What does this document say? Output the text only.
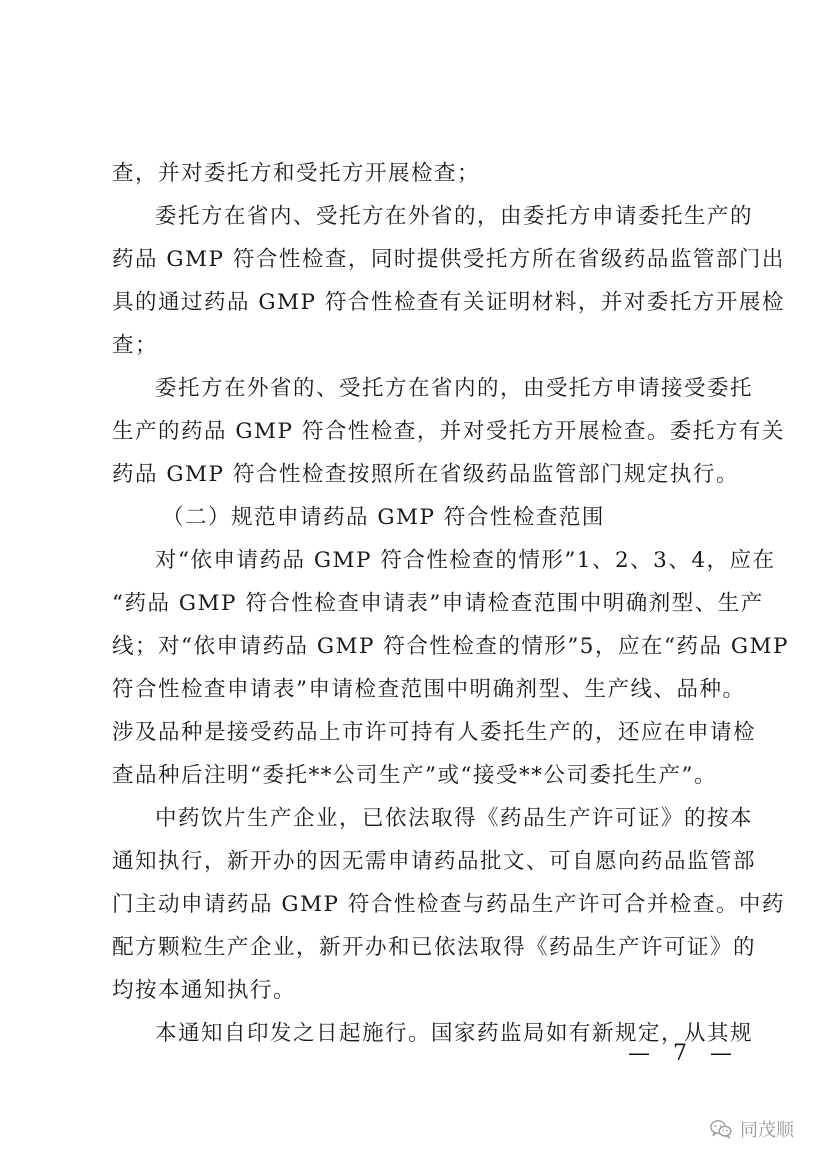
查，并对委托方和受托方开展检查；
委托方在省内、受托方在外省的，由委托方申请委托生产的
药品 GMP 符合性检查，同时提供受托方所在省级药品监管部门出
具的通过药品 GMP 符合性检查有关证明材料，并对委托方开展检
查；
委托方在外省的、受托方在省内的，由受托方申请接受委托
生产的药品 GMP 符合性检查，并对受托方开展检查。委托方有关
药品 GMP 符合性检查按照所在省级药品监管部门规定执行。
（二）规范申请药品 GMP 符合性检查范围
对“依申请药品 GMP 符合性检查的情形”1、2、3、4，应在
“药品 GMP 符合性检查申请表”申请检查范围中明确剂型、生产
线；对“依申请药品 GMP 符合性检查的情形”5，应在“药品 GMP
符合性检查申请表”申请检查范围中明确剂型、生产线、品种。
涉及品种是接受药品上市许可持有人委托生产的，还应在申请检
查品种后注明“委托**公司生产”或“接受**公司委托生产”。
中药饮片生产企业，已依法取得《药品生产许可证》的按本
通知执行，新开办的因无需申请药品批文、可自愿向药品监管部
门主动申请药品 GMP 符合性检查与药品生产许可合并检查。中药
配方颗粒生产企业，新开办和已依法取得《药品生产许可证》的
均按本通知执行。
本通知自印发之日起施行。国家药监局如有新规定，从其规
— 7 —
同茂顺
